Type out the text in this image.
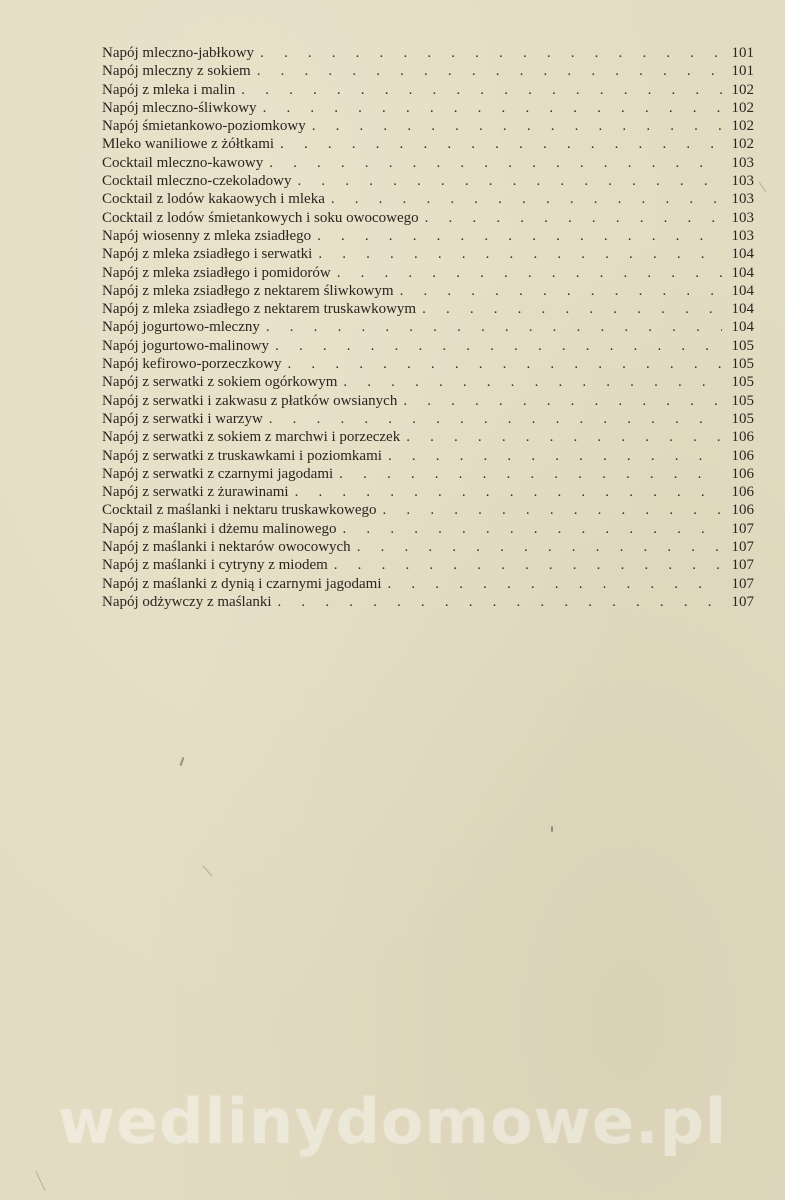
Napój mleczno-jabłkowy . . .	101
Napój mleczny z sokiem . . .	101
Napój z mleka i malin . . .	102
Napój mleczno-śliwkowy . . .	102
Napój śmietankowo-poziomkowy . . .	102
Mleko waniliowe z żółtkami . . .	102
Cocktail mleczno-kawowy . . .	103
Cocktail mleczno-czekoladowy . . .	103
Cocktail z lodów kakaowych i mleka . . .	103
Cocktail z lodów śmietankowych i soku owocowego . . .	103
Napój wiosenny z mleka zsiadłego . . .	103
Napój z mleka zsiadłego i serwatki . . .	104
Napój z mleka zsiadłego i pomidorów . . .	104
Napój z mleka zsiadłego z nektarem śliwkowym . . .	104
Napój z mleka zsiadłego z nektarem truskawkowym . . .	104
Napój jogurtowo-mleczny . . .	104
Napój jogurtowo-malinowy . . .	105
Napój kefirowo-porzeczkowy . . .	105
Napój z serwatki z sokiem ogórkowym . . .	105
Napój z serwatki i zakwasu z płatków owsianych . . .	105
Napój z serwatki i warzyw . . .	105
Napój z serwatki z sokiem z marchwi i porzeczek . . .	106
Napój z serwatki z truskawkami i poziomkami . . .	106
Napój z serwatki z czarnymi jagodami . . .	106
Napój z serwatki z żurawinami . . .	106
Cocktail z maślanki i nektaru truskawkowego . . .	106
Napój z maślanki i dżemu malinowego . . .	107
Napój z maślanki i nektarów owocowych . . .	107
Napój z maślanki i cytryny z miodem . . .	107
Napój z maślanki z dynią i czarnymi jagodami . . .	107
Napój odżywczy z maślanki . . .	107
wedlinydomowe.pl
